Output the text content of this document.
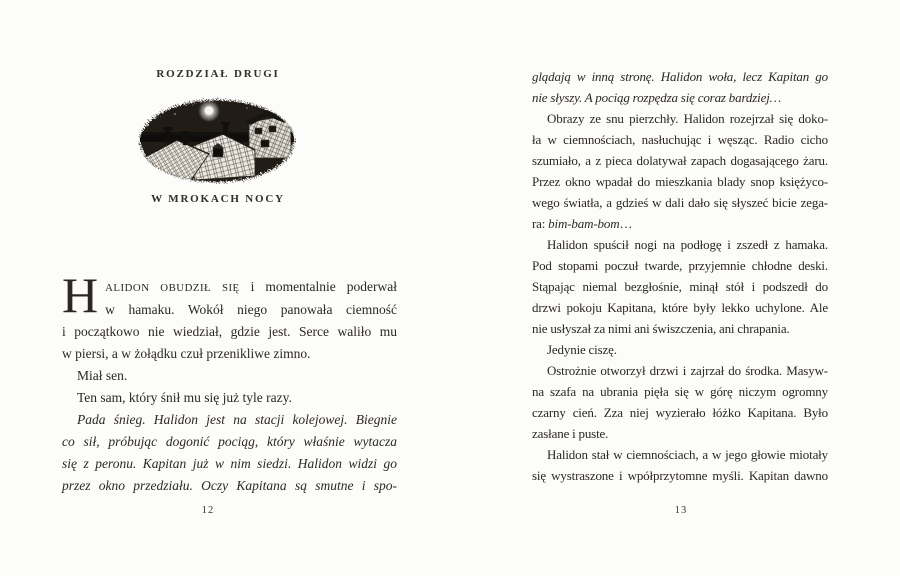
ROZDZIAŁ DRUGI
W MROKACH NOCY
H ALIDON OBUDZIŁ SIĘ i momentalnie poderwał
w hamaku. Wokół niego panowała ciemność
i początkowo nie wiedział, gdzie jest. Serce waliło mu
w piersi, a w żołądku czuł przenikliwe zimno.
Miał sen.
Ten sam, który śnił mu się już tyle razy.
Pada śnieg. Halidon jest na stacji kolejowej. Biegnie
co sił, próbując dogonić pociąg, który właśnie wytacza
się z peronu. Kapitan już w nim siedzi. Halidon widzi go
przez okno przedziału. Oczy Kapitana są smutne i spo-
12
glądają w inną stronę. Halidon woła, lecz Kapitan go
nie słyszy. A pociąg rozpędza się coraz bardziej…
Obrazy ze snu pierzchły. Halidon rozejrzał się doko-
ła w ciemnościach, nasłuchując i węsząc. Radio cicho
szumiało, a z pieca dolatywał zapach dogasającego żaru.
Przez okno wpadał do mieszkania blady snop księżyco-
wego światła, a gdzieś w dali dało się słyszeć bicie zega-
ra: bim-bam-bom…
Halidon spuścił nogi na podłogę i zszedł z hamaka.
Pod stopami poczuł twarde, przyjemnie chłodne deski.
Stąpając niemal bezgłośnie, minął stół i podszedł do
drzwi pokoju Kapitana, które były lekko uchylone. Ale
nie usłyszał za nimi ani świszczenia, ani chrapania.
Jedynie ciszę.
Ostrożnie otworzył drzwi i zajrzał do środka. Masyw-
na szafa na ubrania pięła się w górę niczym ogromny
czarny cień. Zza niej wyzierało łóżko Kapitana. Było
zasłane i puste.
Halidon stał w ciemnościach, a w jego głowie miotały
się wystraszone i wpółprzytomne myśli. Kapitan dawno
13
